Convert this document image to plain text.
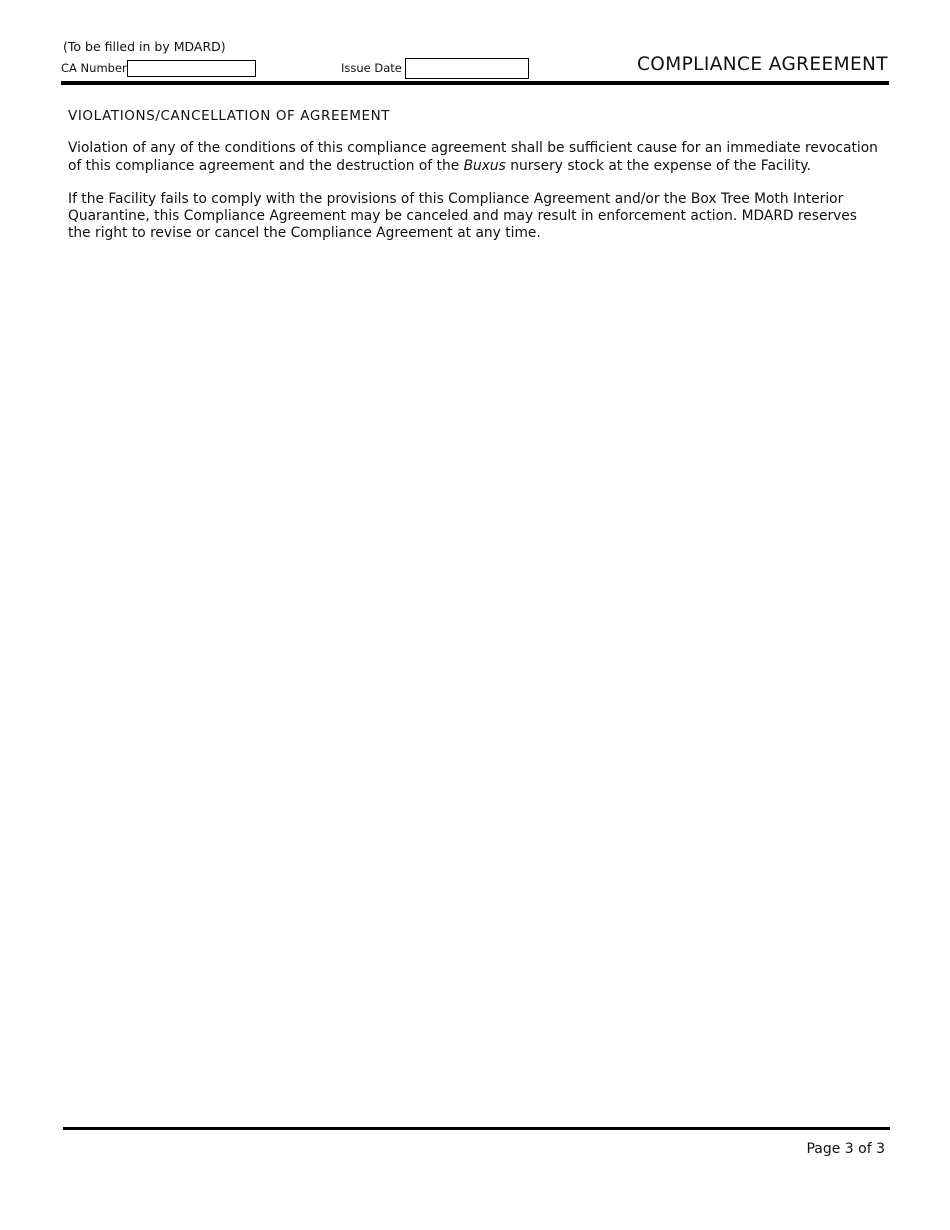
(To be filled in by MDARD)
CA Number	Issue Date	COMPLIANCE AGREEMENT
VIOLATIONS/CANCELLATION OF AGREEMENT

Violation of any of the conditions of this compliance agreement shall be sufficient cause for an immediate revocation of this compliance agreement and the destruction of the Buxus nursery stock at the expense of the Facility.

If the Facility fails to comply with the provisions of this Compliance Agreement and/or the Box Tree Moth Interior Quarantine, this Compliance Agreement may be canceled and may result in enforcement action. MDARD reserves the right to revise or cancel the Compliance Agreement at any time.

Page 3 of 3
